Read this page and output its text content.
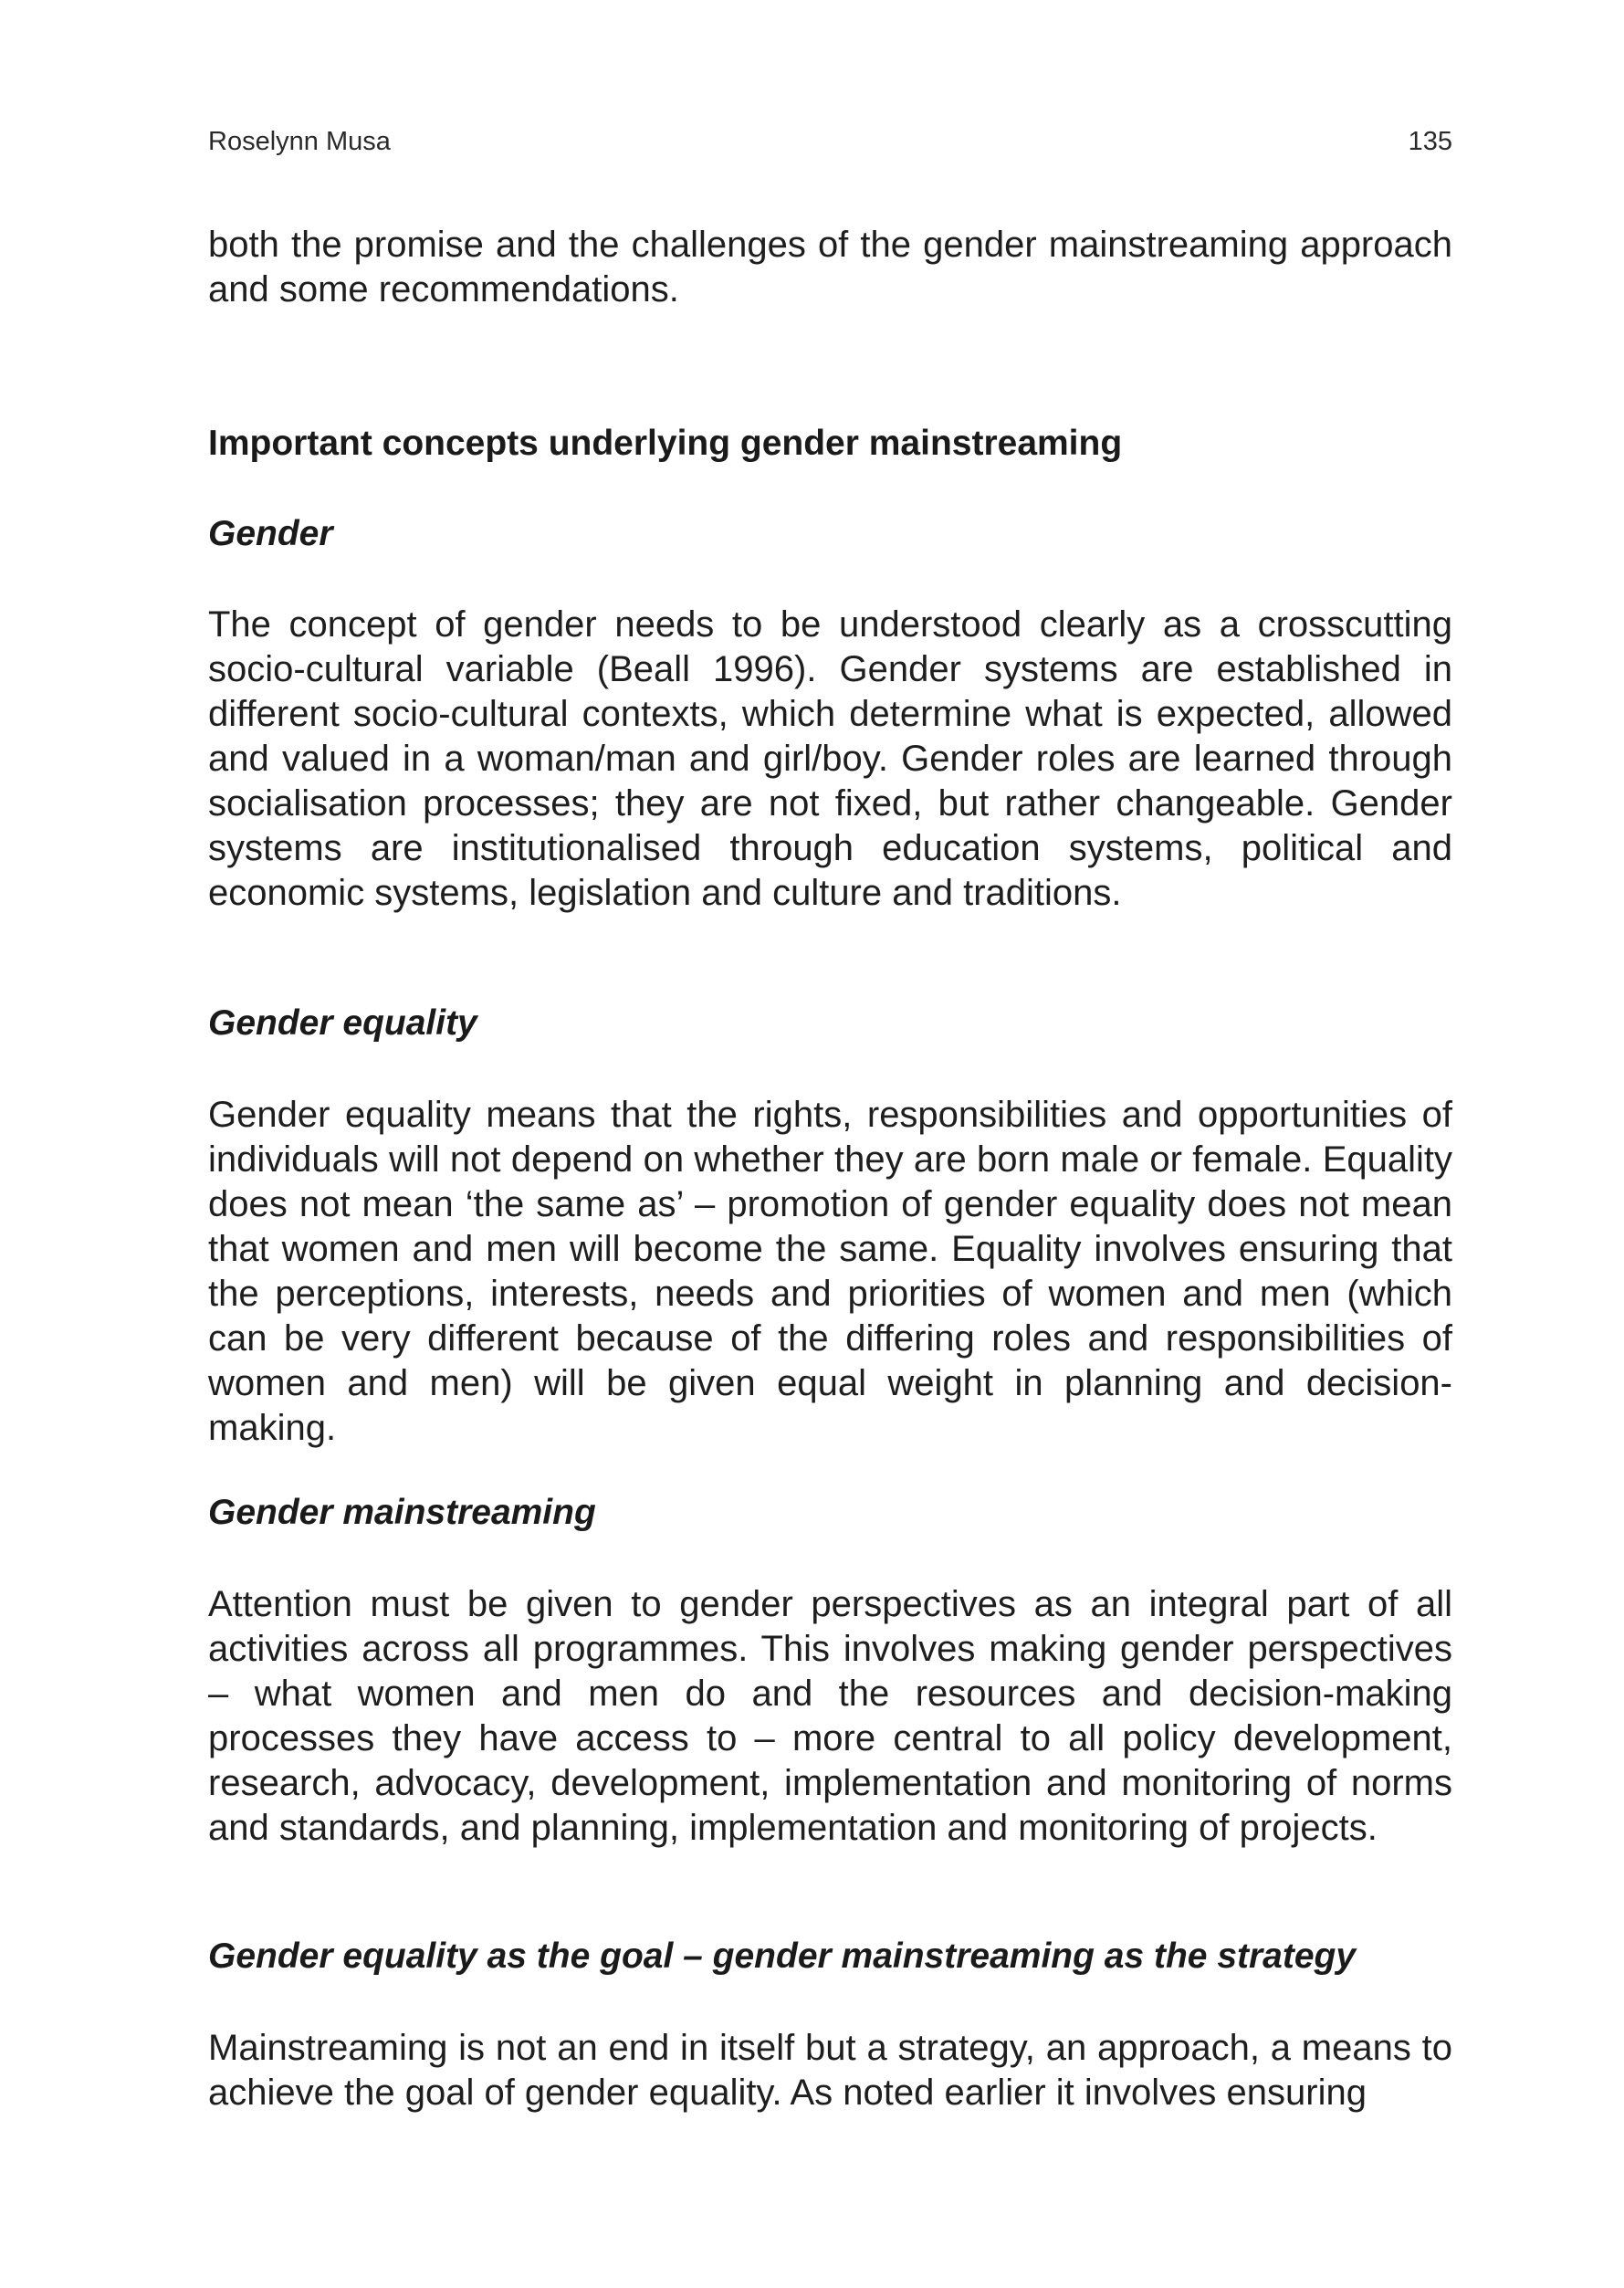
Roselynn Musa	135

both the promise and the challenges of the gender mainstreaming approach and some recommendations.

Important concepts underlying gender mainstreaming
Gender

The concept of gender needs to be understood clearly as a crosscutting socio-cultural variable (Beall 1996). Gender systems are established in different socio-cultural contexts, which determine what is expected, allowed and valued in a woman/man and girl/boy. Gender roles are learned through socialisation processes; they are not fixed, but rather changeable. Gender systems are institutionalised through education systems, political and economic systems, legislation and culture and traditions.

Gender equality

Gender equality means that the rights, responsibilities and opportunities of individuals will not depend on whether they are born male or female. Equality does not mean ‘the same as’ – promotion of gender equality does not mean that women and men will become the same. Equality involves ensuring that the perceptions, interests, needs and priorities of women and men (which can be very different because of the differing roles and responsibilities of women and men) will be given equal weight in planning and decision-making.

Gender mainstreaming

Attention must be given to gender perspectives as an integral part of all activities across all programmes. This involves making gender perspectives – what women and men do and the resources and decision-making processes they have access to – more central to all policy development, research, advocacy, development, implementation and monitoring of norms and standards, and planning, implementation and monitoring of projects.

Gender equality as the goal – gender mainstreaming as the strategy

Mainstreaming is not an end in itself but a strategy, an approach, a means to achieve the goal of gender equality. As noted earlier it involves ensuring
